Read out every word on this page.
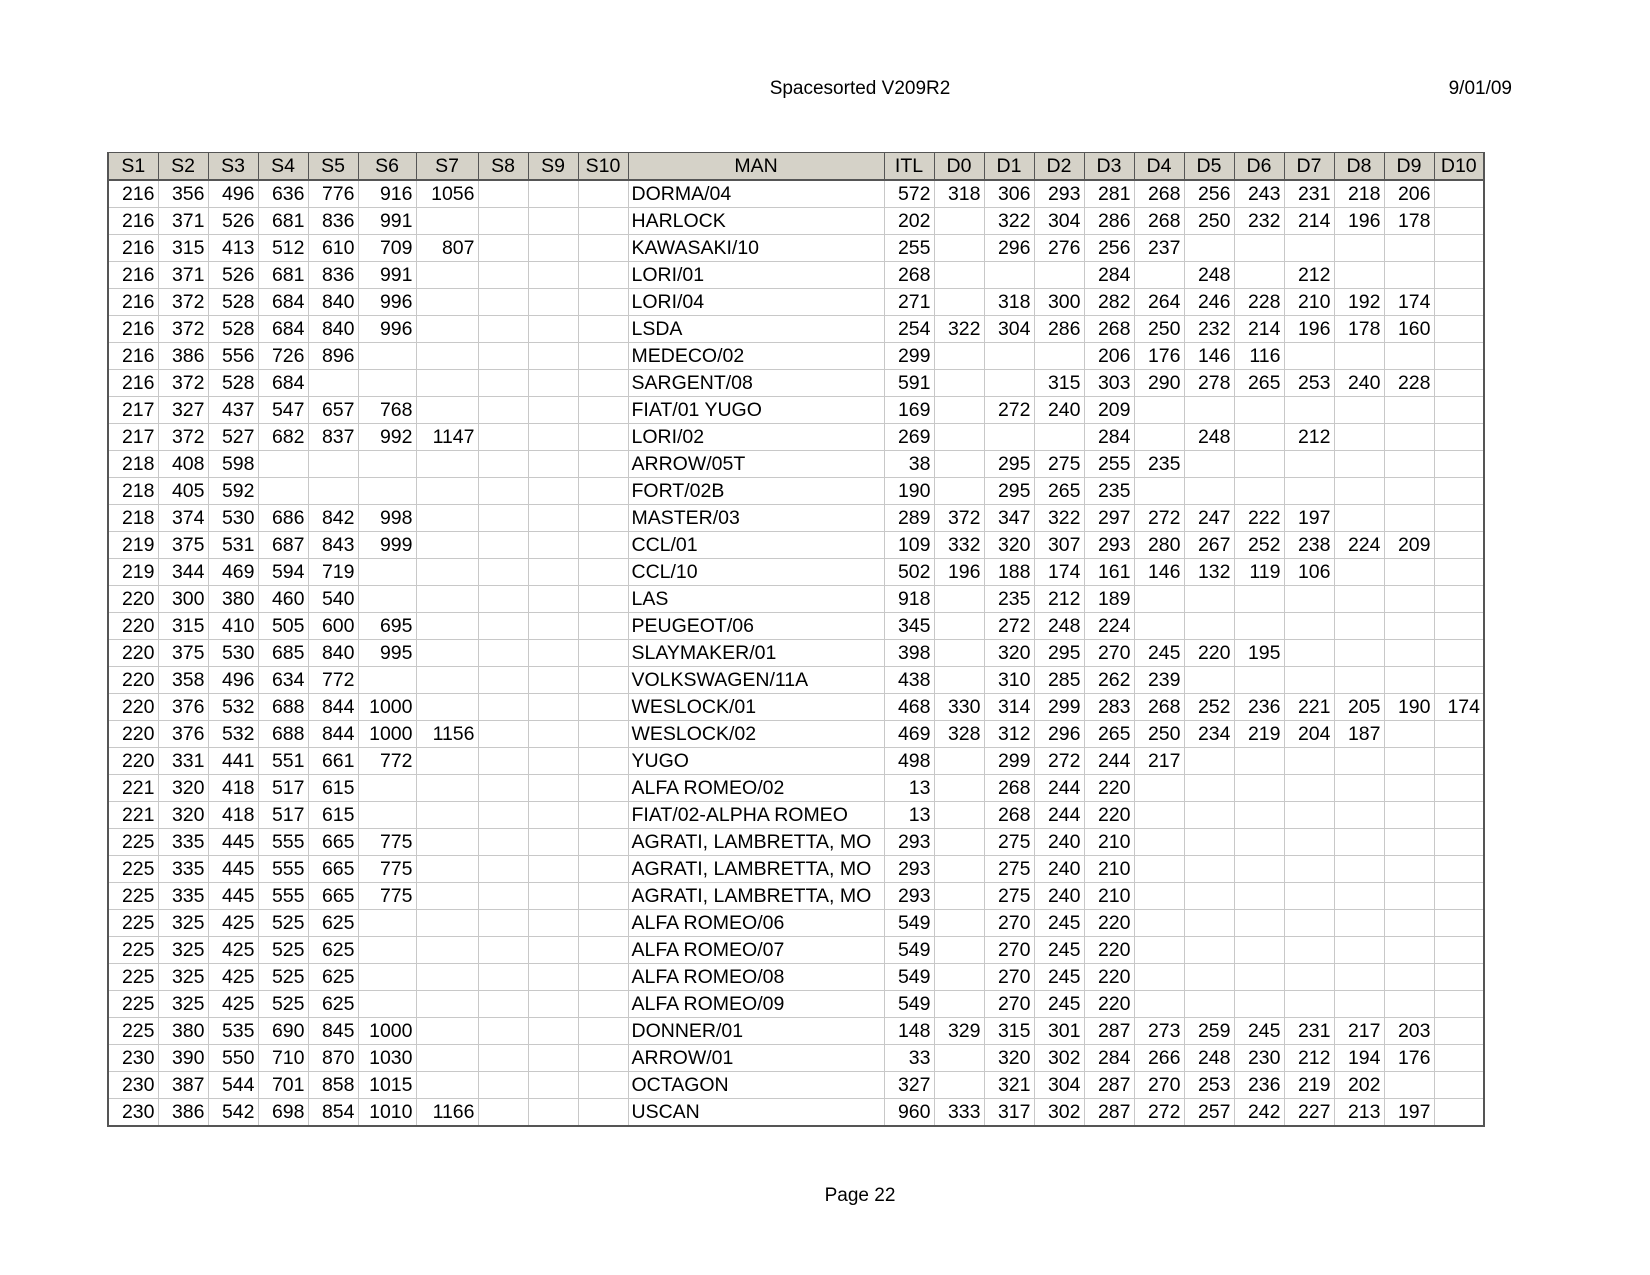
Spacesorted V209R2	9/01/09
S1	S2	S3	S4	S5	S6	S7	S8	S9	S10	MAN	ITL	D0	D1	D2	D3	D4	D5	D6	D7	D8	D9	D10
216	356	496	636	776	916	1056				DORMA/04	572	318	306	293	281	268	256	243	231	218	206	
216	371	526	681	836	991					HARLOCK	202		322	304	286	268	250	232	214	196	178	
216	315	413	512	610	709	807				KAWASAKI/10	255		296	276	256	237						
216	371	526	681	836	991					LORI/01	268				284		248		212			
216	372	528	684	840	996					LORI/04	271		318	300	282	264	246	228	210	192	174	
216	372	528	684	840	996					LSDA	254	322	304	286	268	250	232	214	196	178	160	
216	386	556	726	896						MEDECO/02	299				206	176	146	116				
216	372	528	684							SARGENT/08	591			315	303	290	278	265	253	240	228	
217	327	437	547	657	768					FIAT/01 YUGO	169		272	240	209							
217	372	527	682	837	992	1147				LORI/02	269				284		248		212			
218	408	598								ARROW/05T	38		295	275	255	235						
218	405	592								FORT/02B	190		295	265	235							
218	374	530	686	842	998					MASTER/03	289	372	347	322	297	272	247	222	197			
219	375	531	687	843	999					CCL/01	109	332	320	307	293	280	267	252	238	224	209	
219	344	469	594	719						CCL/10	502	196	188	174	161	146	132	119	106			
220	300	380	460	540						LAS	918		235	212	189							
220	315	410	505	600	695					PEUGEOT/06	345		272	248	224							
220	375	530	685	840	995					SLAYMAKER/01	398		320	295	270	245	220	195				
220	358	496	634	772						VOLKSWAGEN/11A	438		310	285	262	239						
220	376	532	688	844	1000					WESLOCK/01	468	330	314	299	283	268	252	236	221	205	190	174
220	376	532	688	844	1000	1156				WESLOCK/02	469	328	312	296	265	250	234	219	204	187		
220	331	441	551	661	772					YUGO	498		299	272	244	217						
221	320	418	517	615						ALFA ROMEO/02	13		268	244	220							
221	320	418	517	615						FIAT/02-ALPHA ROMEO	13		268	244	220							
225	335	445	555	665	775					AGRATI, LAMBRETTA, MO	293		275	240	210							
225	335	445	555	665	775					AGRATI, LAMBRETTA, MO	293		275	240	210							
225	335	445	555	665	775					AGRATI, LAMBRETTA, MO	293		275	240	210							
225	325	425	525	625						ALFA ROMEO/06	549		270	245	220							
225	325	425	525	625						ALFA ROMEO/07	549		270	245	220							
225	325	425	525	625						ALFA ROMEO/08	549		270	245	220							
225	325	425	525	625						ALFA ROMEO/09	549		270	245	220							
225	380	535	690	845	1000					DONNER/01	148	329	315	301	287	273	259	245	231	217	203	
230	390	550	710	870	1030					ARROW/01	33		320	302	284	266	248	230	212	194	176	
230	387	544	701	858	1015					OCTAGON	327		321	304	287	270	253	236	219	202		
230	386	542	698	854	1010	1166				USCAN	960	333	317	302	287	272	257	242	227	213	197	
Page 22
